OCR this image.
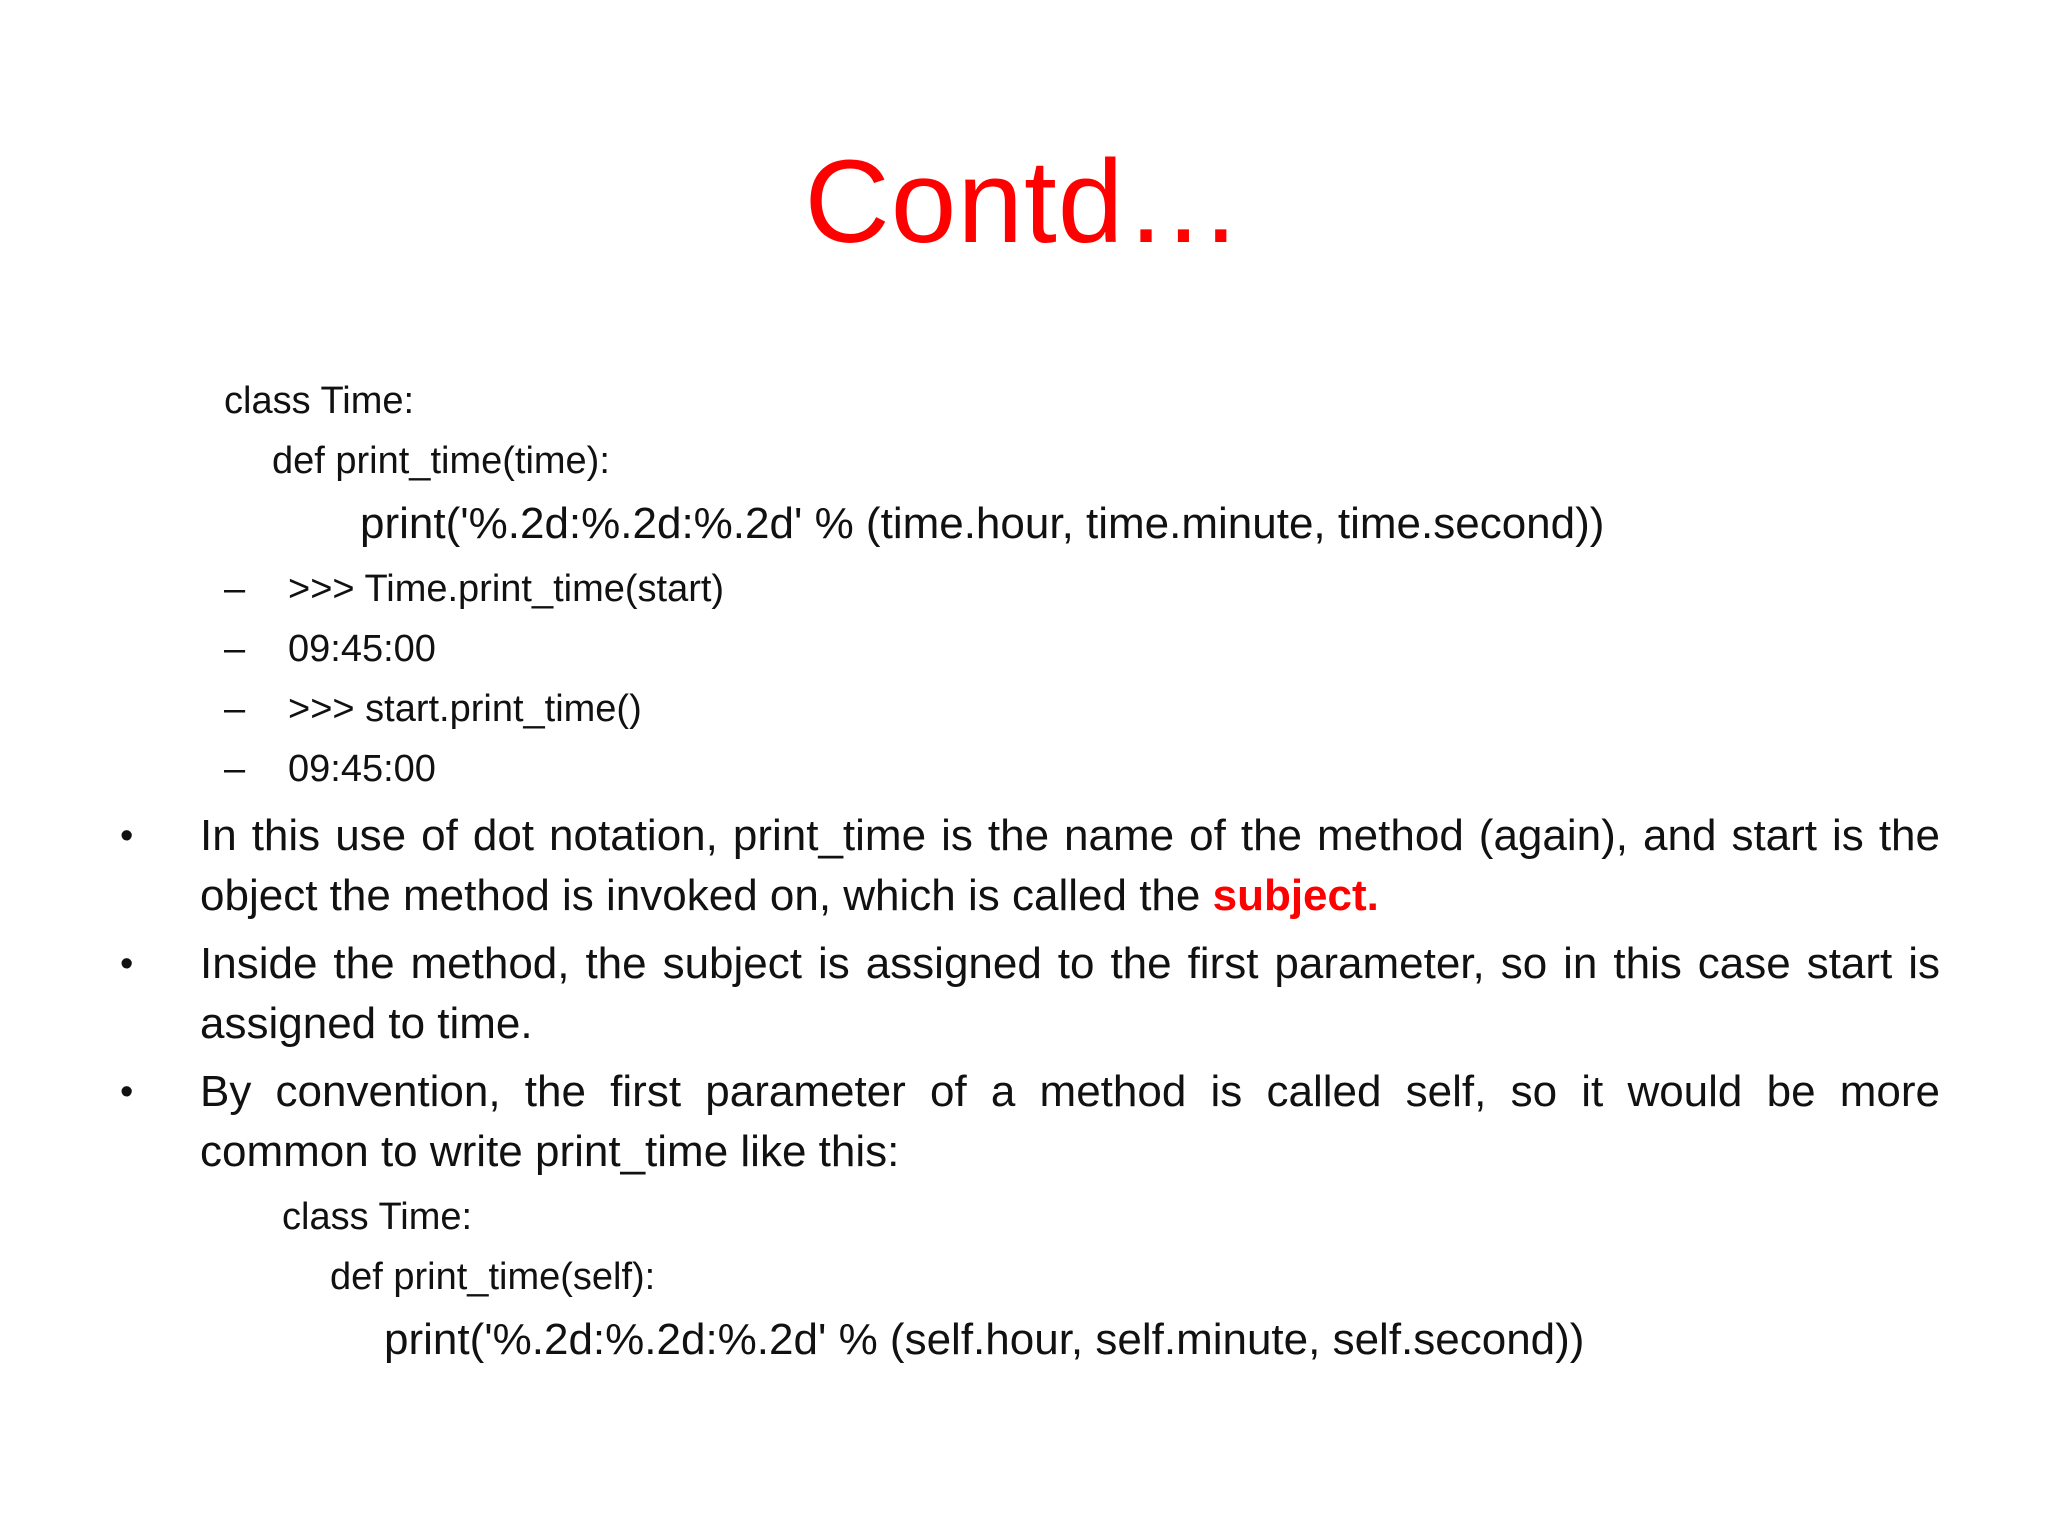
Contd…
class Time:
def print_time(time):
print('%.2d:%.2d:%.2d' % (time.hour, time.minute, time.second))
– >>> Time.print_time(start)
– 09:45:00
– >>> start.print_time()
– 09:45:00
•	In this use of dot notation, print_time is the name of the method (again), and start is the object the method is invoked on, which is called the subject.
•	Inside the method, the subject is assigned to the first parameter, so in this case start is assigned to time.
•	By convention, the first parameter of a method is called self, so it would be more common to write print_time like this:
class Time:
def print_time(self):
print('%.2d:%.2d:%.2d' % (self.hour, self.minute, self.second))
